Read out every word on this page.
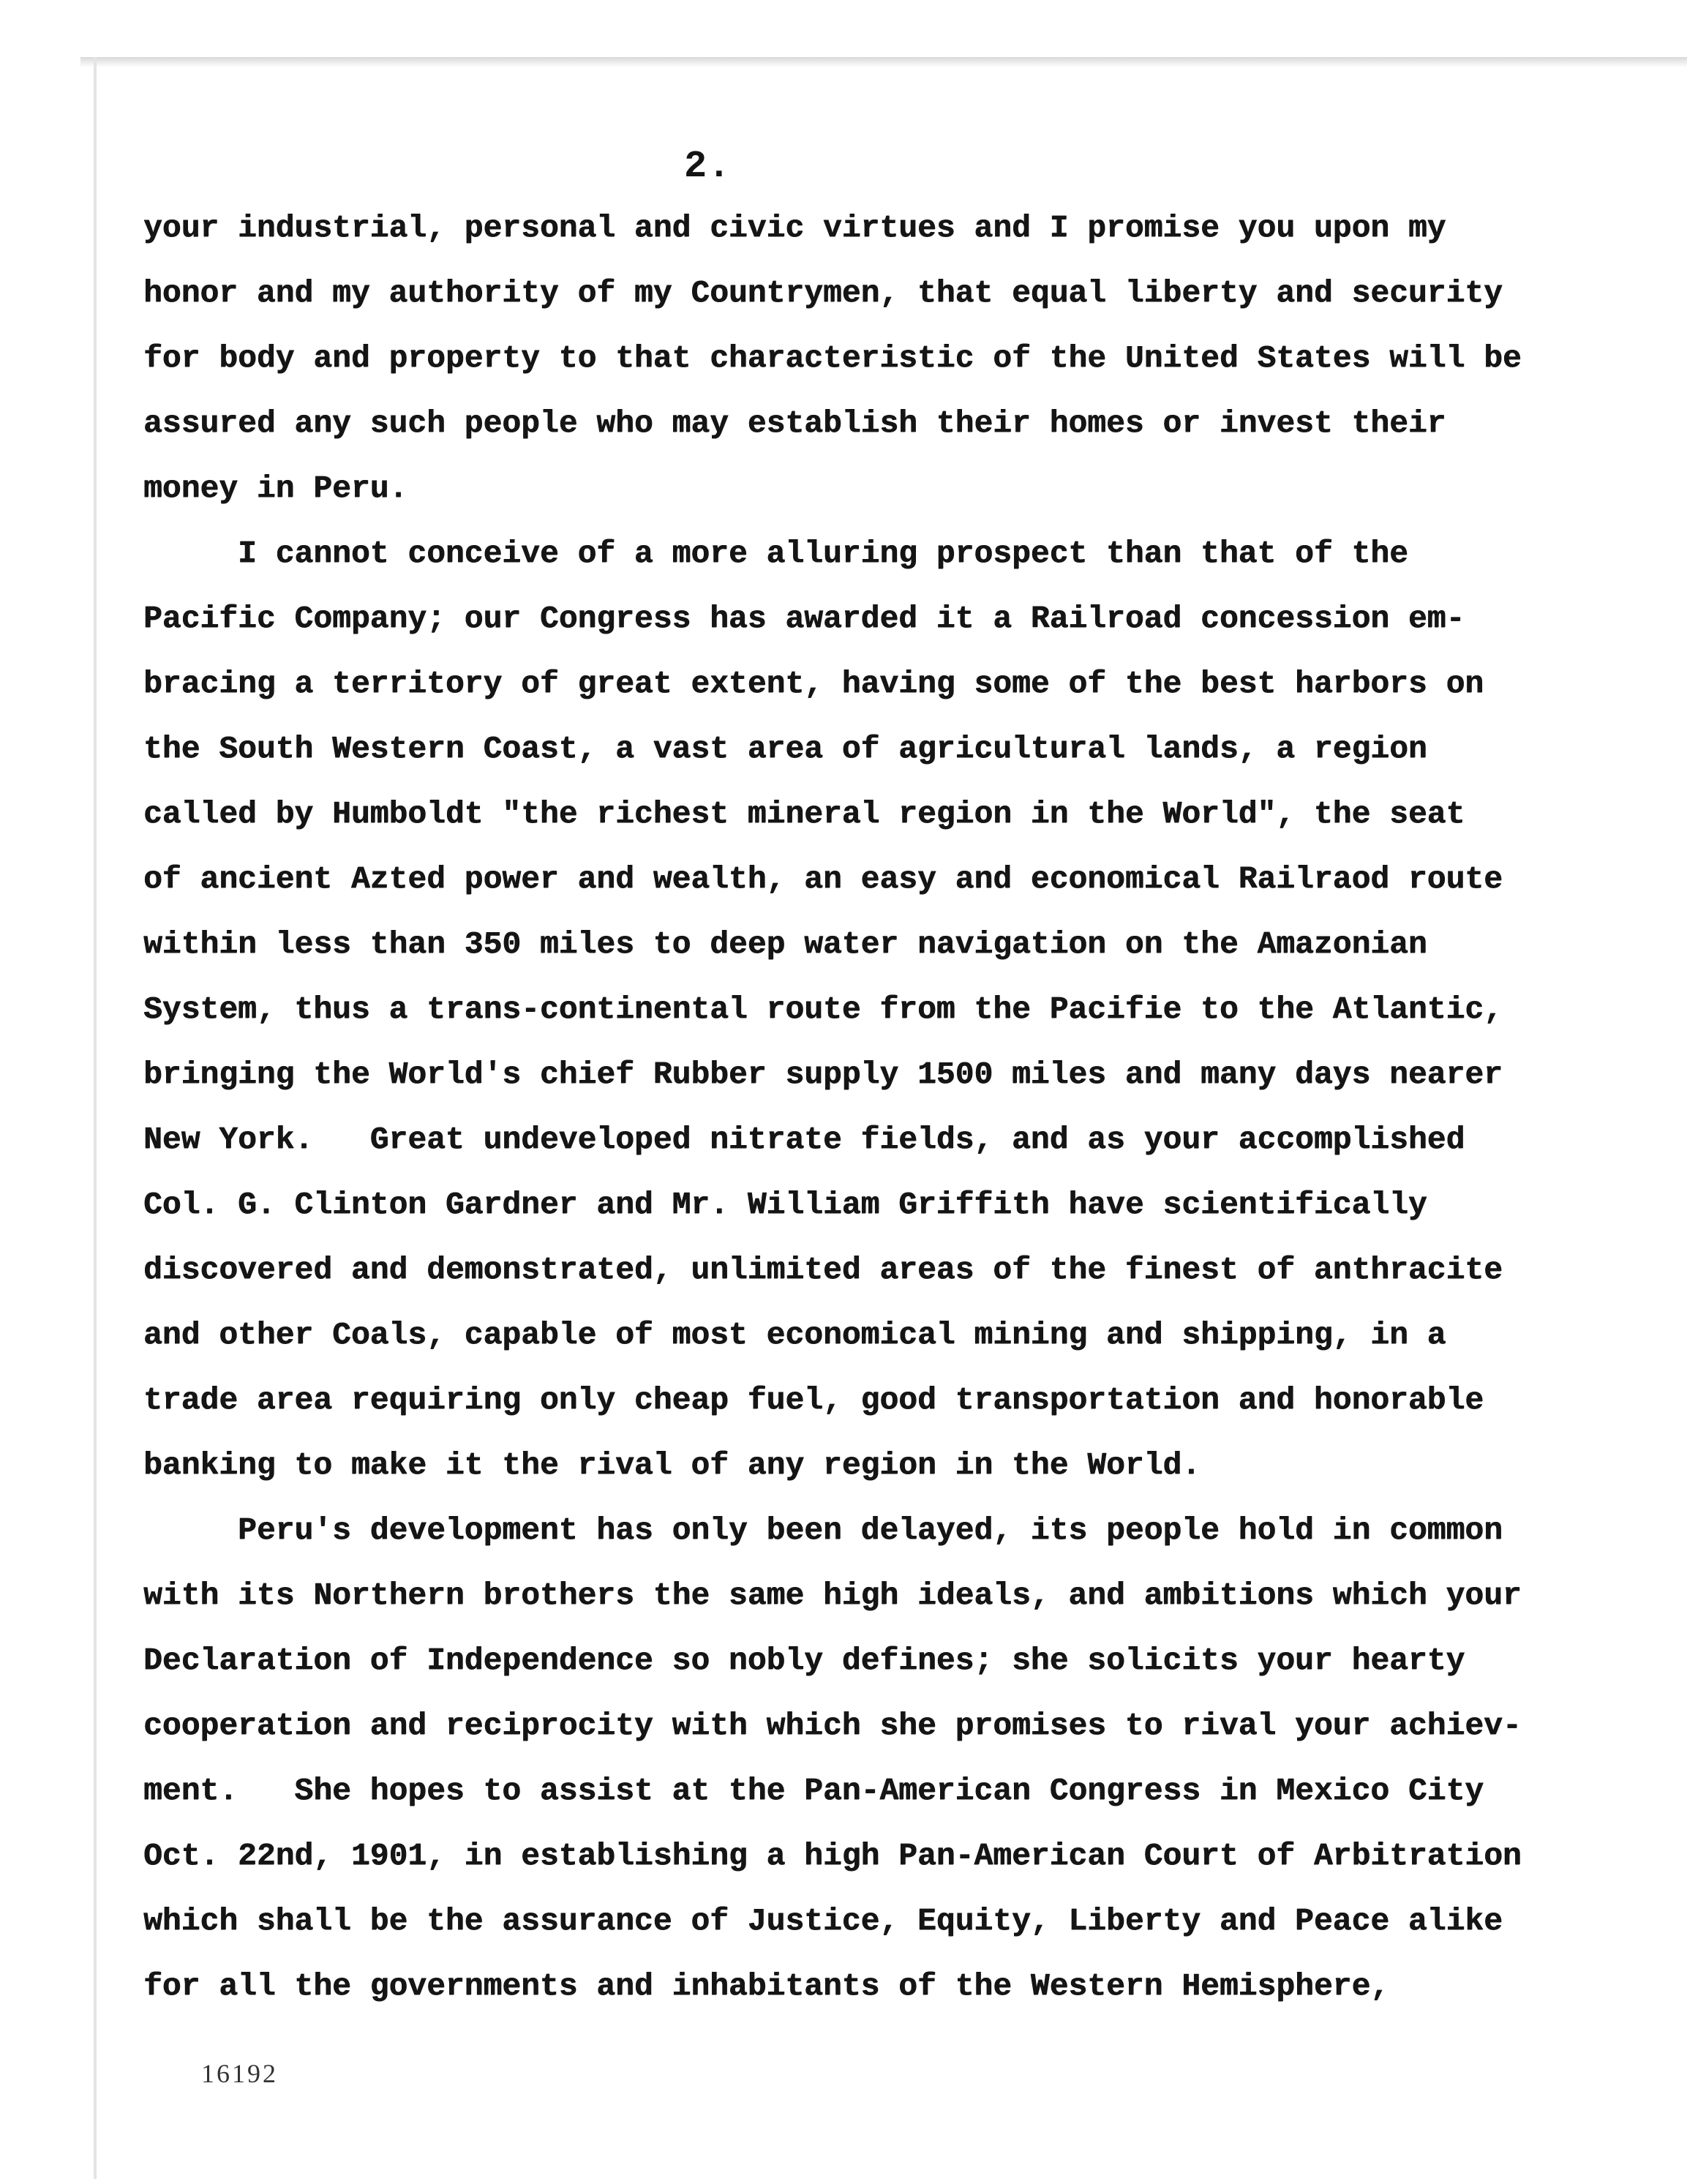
2.
your industrial, personal and civic virtues and I promise you upon my
honor and my authority of my Countrymen, that equal liberty and security
for body and property to that characteristic of the United States will be
assured any such people who may establish their homes or invest their
money in Peru.
I cannot conceive of a more alluring prospect than that of the
Pacific Company; our Congress has awarded it a Railroad concession em-
bracing a territory of great extent, having some of the best harbors on
the South Western Coast, a vast area of agricultural lands, a region
called by Humboldt "the richest mineral region in the World", the seat
of ancient Azted power and wealth, an easy and economical Railraod route
within less than 350 miles to deep water navigation on the Amazonian
System, thus a trans-continental route from the Pacifie to the Atlantic,
bringing the World's chief Rubber supply 1500 miles and many days nearer
New York.   Great undeveloped nitrate fields, and as your accomplished
Col. G. Clinton Gardner and Mr. William Griffith have scientifically
discovered and demonstrated, unlimited areas of the finest of anthracite
and other Coals, capable of most economical mining and shipping, in a
trade area requiring only cheap fuel, good transportation and honorable
banking to make it the rival of any region in the World.
Peru's development has only been delayed, its people hold in common
with its Northern brothers the same high ideals, and ambitions which your
Declaration of Independence so nobly defines; she solicits your hearty
cooperation and reciprocity with which she promises to rival your achiev-
ment.   She hopes to assist at the Pan-American Congress in Mexico City
Oct. 22nd, 1901, in establishing a high Pan-American Court of Arbitration
which shall be the assurance of Justice, Equity, Liberty and Peace alike
for all the governments and inhabitants of the Western Hemisphere,
16192
